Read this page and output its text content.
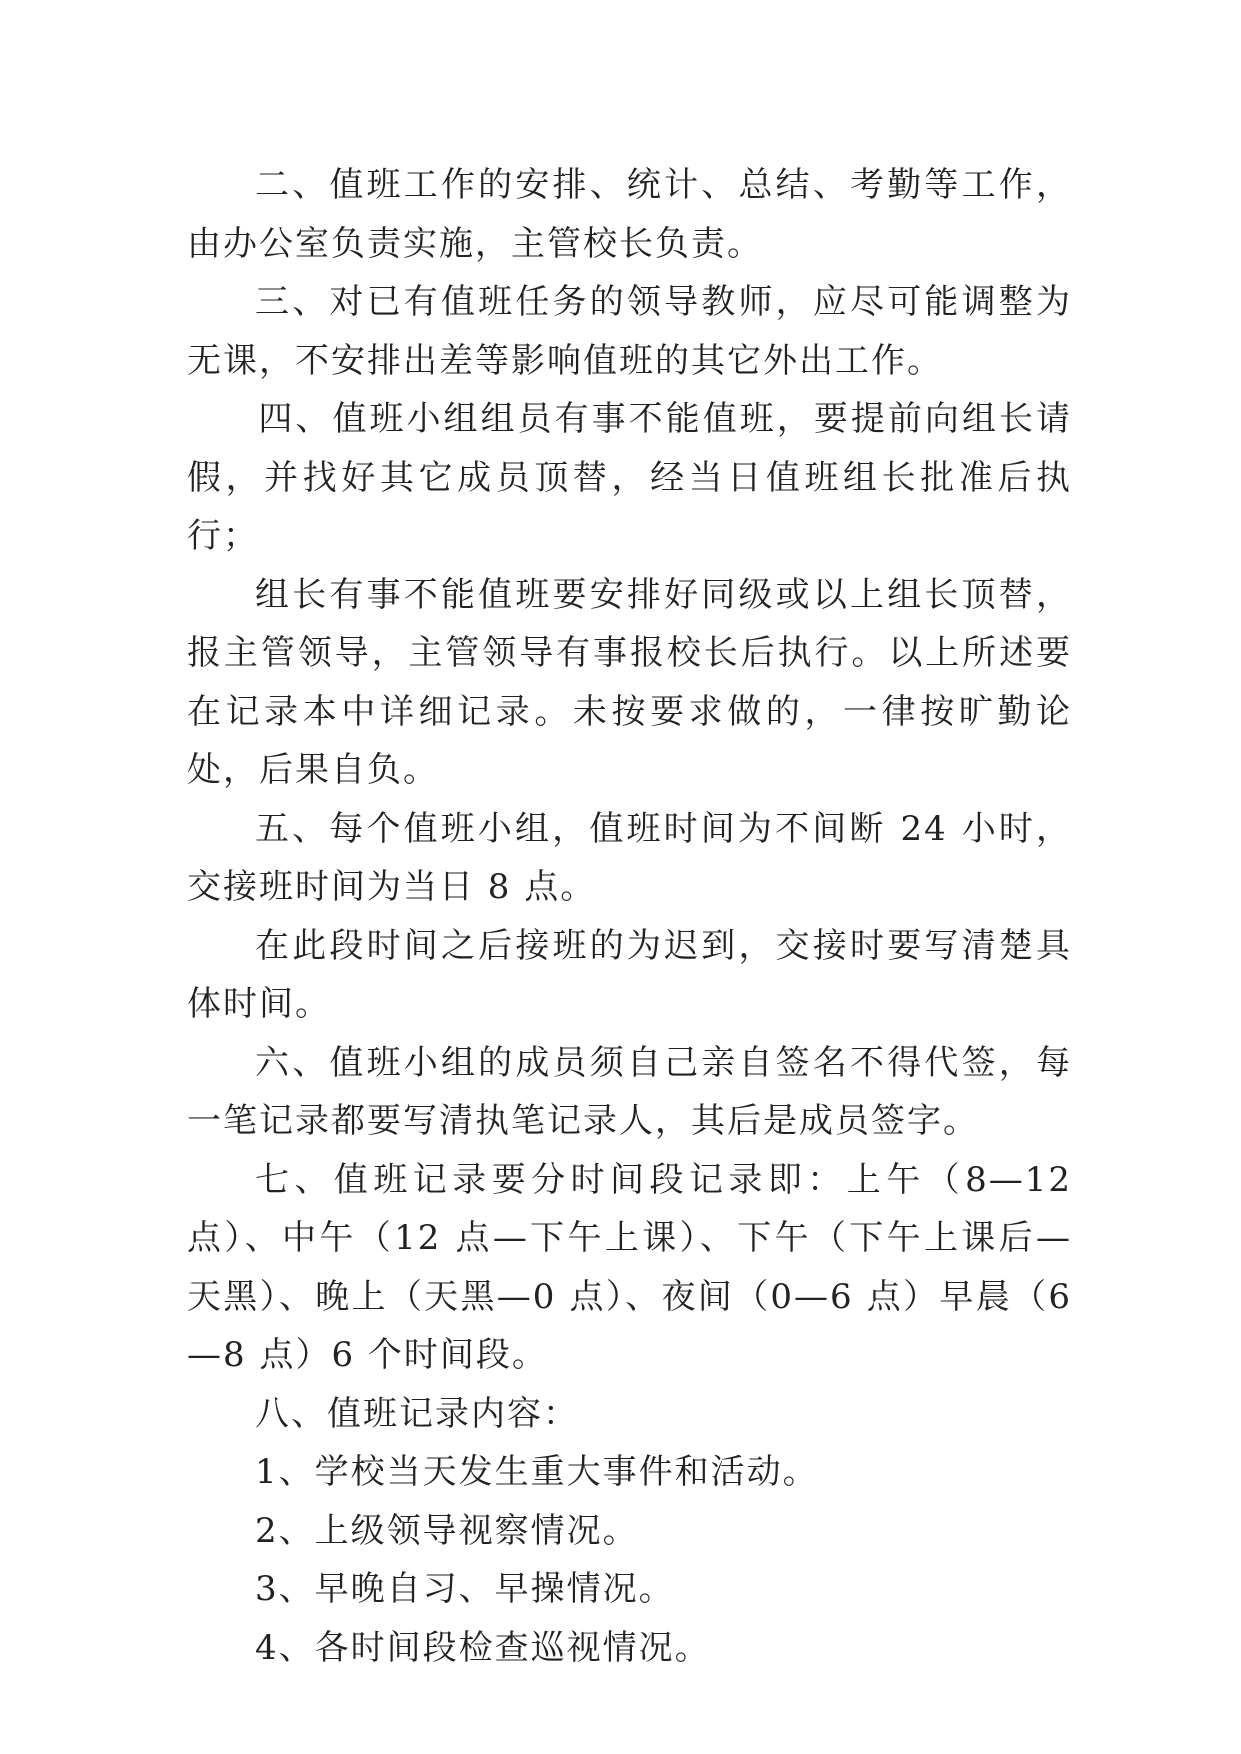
二、值班工作的安排、统计、总结、考勤等工作，由办公室负责实施，主管校长负责。

三、对已有值班任务的领导教师，应尽可能调整为无课，不安排出差等影响值班的其它外出工作。

四、值班小组组员有事不能值班，要提前向组长请假，并找好其它成员顶替，经当日值班组长批准后执行；

组长有事不能值班要安排好同级或以上组长顶替，报主管领导，主管领导有事报校长后执行。以上所述要在记录本中详细记录。未按要求做的，一律按旷勤论处，后果自负。

五、每个值班小组，值班时间为不间断 24 小时，交接班时间为当日 8 点。

在此段时间之后接班的为迟到，交接时要写清楚具体时间。

六、值班小组的成员须自己亲自签名不得代签，每一笔记录都要写清执笔记录人，其后是成员签字。

七、值班记录要分时间段记录即：上午（8—12 点）、中午（12 点—下午上课）、下午（下午上课后—天黑）、晚上（天黑—0 点）、夜间（0—6 点）早晨（6—8 点）6 个时间段。

八、值班记录内容：

1、学校当天发生重大事件和活动。

2、上级领导视察情况。

3、早晚自习、早操情况。

4、各时间段检查巡视情况。
